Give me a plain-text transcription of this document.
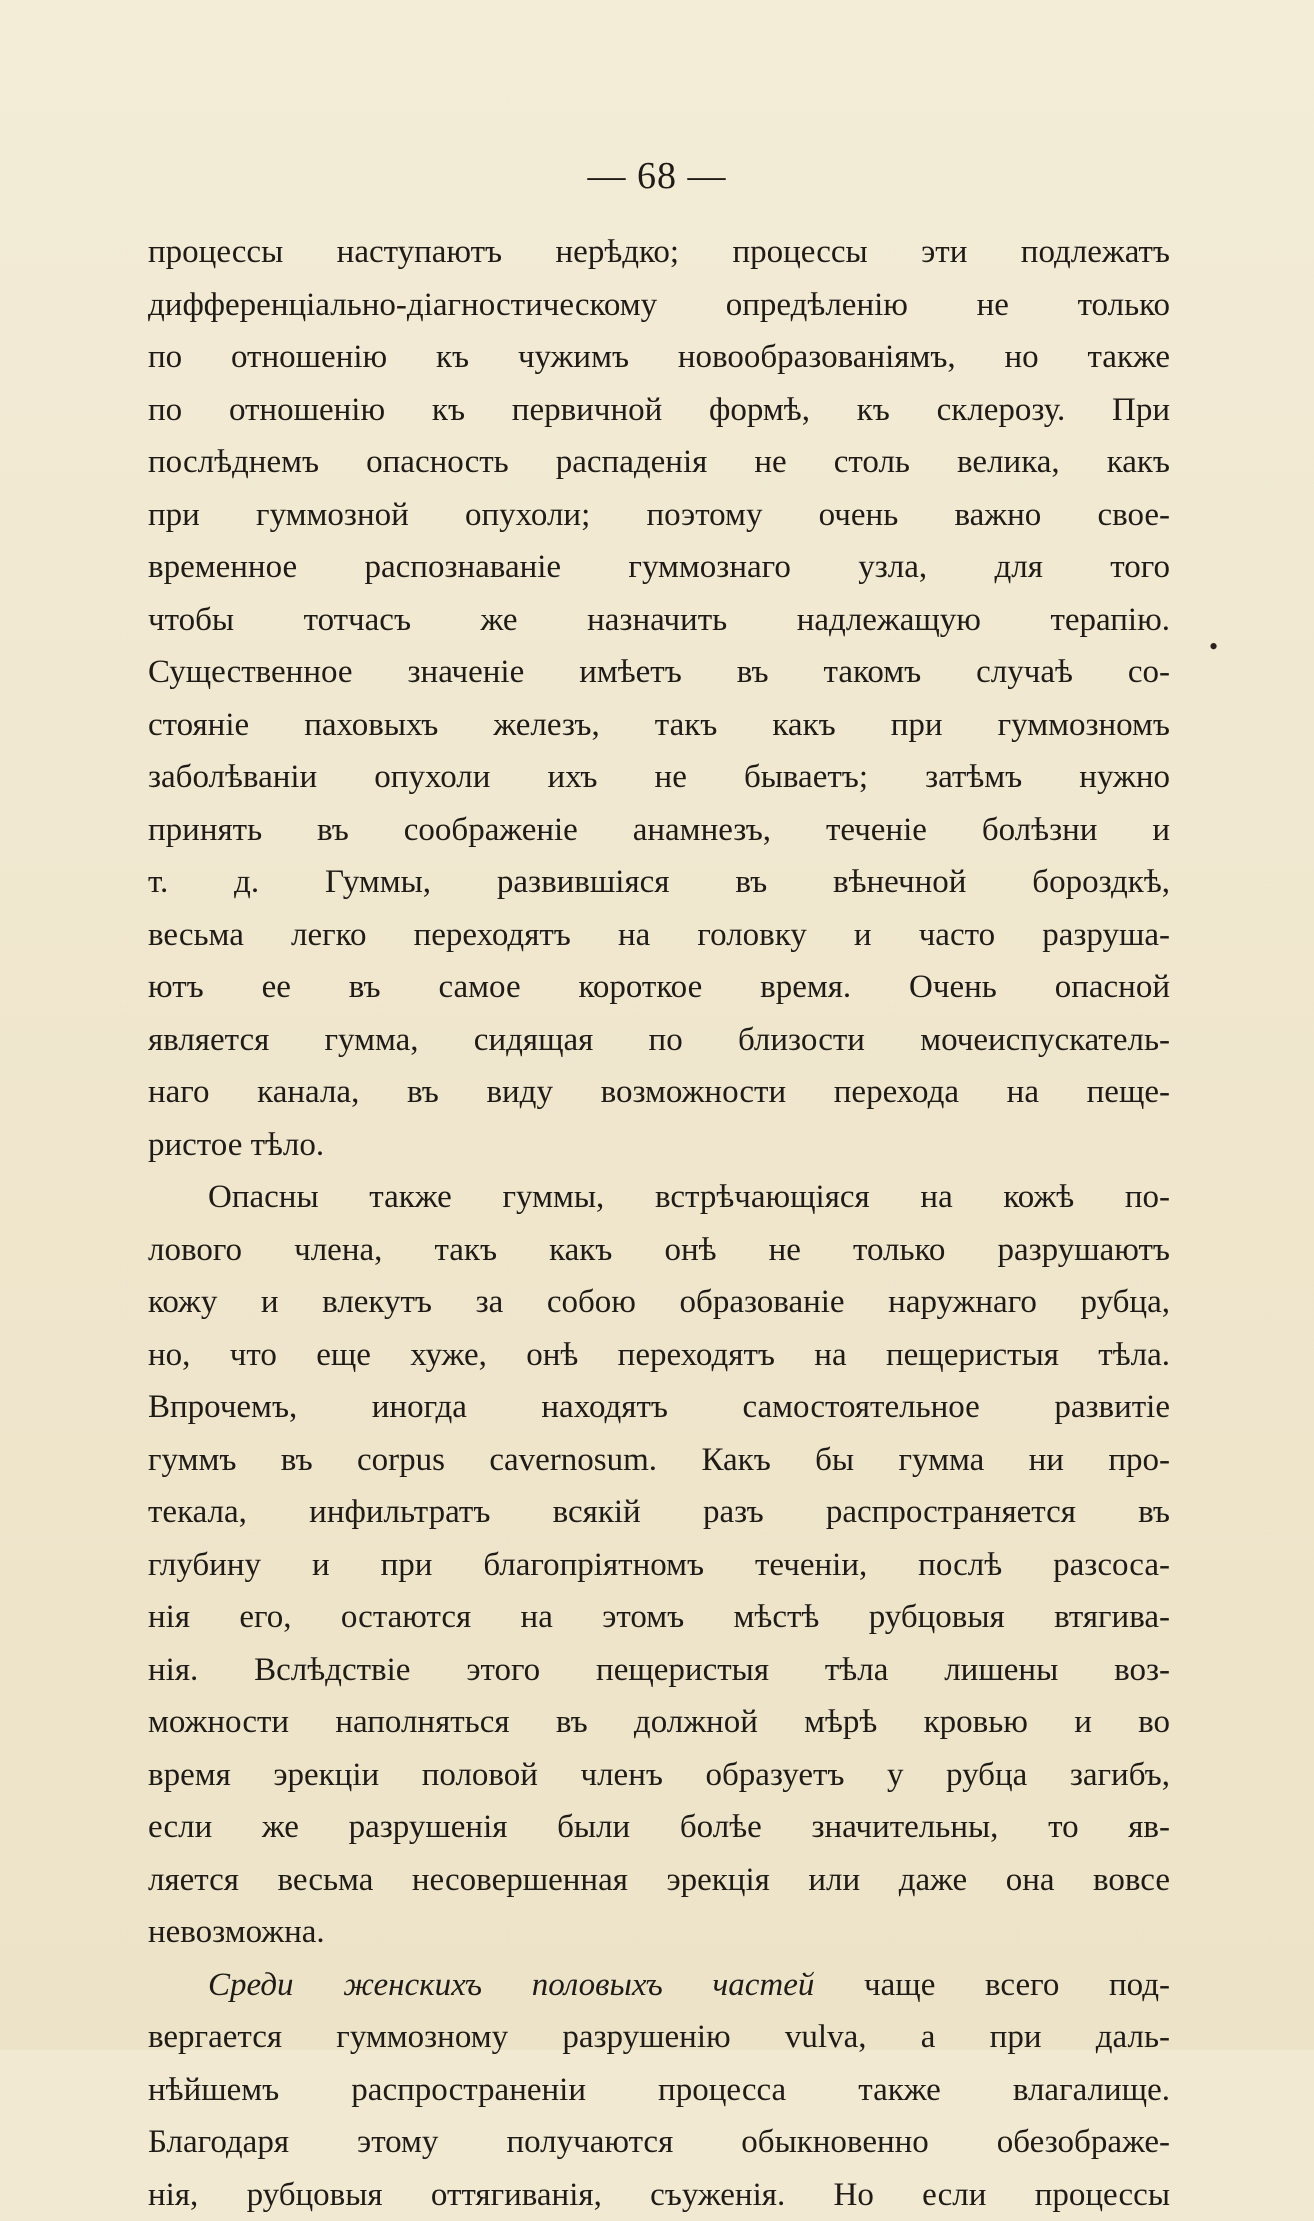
— 68 —
•
процессы наступаютъ нерѣдко; процессы эти подлежатъ
дифференціально-діагностическому опредѣленію не только
по отношенію къ чужимъ новообразованіямъ, но также
по отношенію къ первичной формѣ, къ склерозу. При
послѣднемъ опасность распаденія не столь велика, какъ
при гуммозной опухоли; поэтому очень важно свое-
временное распознаваніе гуммознаго узла, для того
чтобы тотчасъ же назначить надлежащую терапію.
Существенное значеніе имѣетъ въ такомъ случаѣ со-
стояніе паховыхъ железъ, такъ какъ при гуммозномъ
заболѣваніи опухоли ихъ не бываетъ; затѣмъ нужно
принять въ соображеніе анамнезъ, теченіе болѣзни и
т. д. Гуммы, развившіяся въ вѣнечной бороздкѣ,
весьма легко переходятъ на головку и часто разруша-
ютъ ее въ самое короткое время. Очень опасной
является гумма, сидящая по близости мочеиспускатель-
наго канала, въ виду возможности перехода на пеще-
ристое тѣло.
Опасны также гуммы, встрѣчающіяся на кожѣ по-
лового члена, такъ какъ онѣ не только разрушаютъ
кожу и влекутъ за собою образованіе наружнаго рубца,
но, что еще хуже, онѣ переходятъ на пещеристыя тѣла.
Впрочемъ, иногда находятъ самостоятельное развитіе
гуммъ въ corpus cavernosum. Какъ бы гумма ни про-
текала, инфильтратъ всякій разъ распространяется въ
глубину и при благопріятномъ теченіи, послѣ разсоса-
нія его, остаются на этомъ мѣстѣ рубцовыя втягива-
нія. Вслѣдствіе этого пещеристыя тѣла лишены воз-
можности наполняться въ должной мѣрѣ кровью и во
время эрекціи половой членъ образуетъ у рубца загибъ,
если же разрушенія были болѣе значительны, то яв-
ляется весьма несовершенная эрекція или даже она вовсе
невозможна.
Среди женскихъ половыхъ частей чаще всего под-
вергается гуммозному разрушенію vulva, а при даль-
нѣйшемъ распространеніи процесса также влагалище.
Благодаря этому получаются обыкновенно обезображе-
нія, рубцовыя оттягиванія, съуженія. Но если процессы
